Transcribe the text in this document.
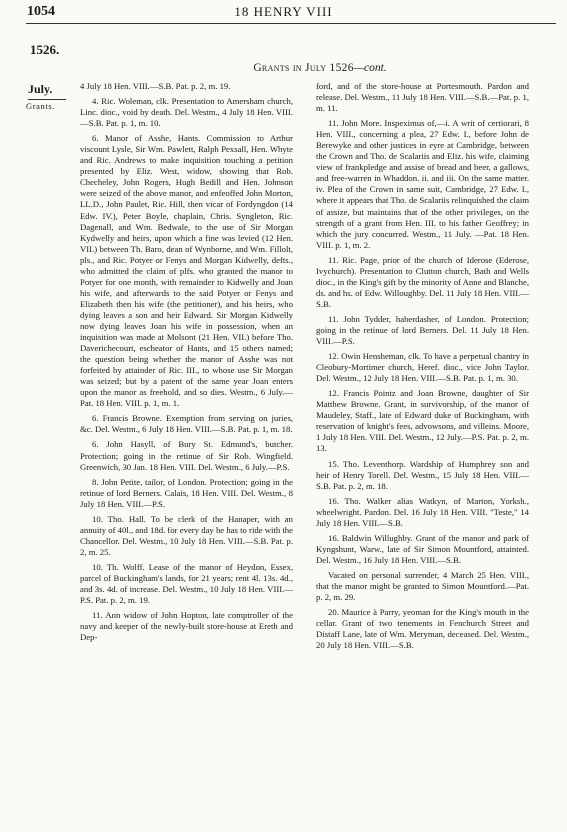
1054	18 HENRY VIII
1526.
Grants in July 1526—cont.
July.
Grants.

4 July 18 Hen. VIII.—S.B. Pat. p. 2, m. 19.

4. Ric. Woleman, clk. Presentation to Amersham church, Linc. dioc., void by death. Del. Westm., 4 July 18 Hen. VIII.—S.B. Pat. p. 1, m. 10.

6. Manor of Asshe, Hants. Commission to Arthur viscount Lysle, Sir Wm. Pawlett, Ralph Pexsall, Hen. Whyte and Ric. Andrews to make inquisition touching a petition presented by Eliz. West, widow, showing that Rob. Checheley, John Rogers, Hugh Bedill and Hen. Johnson were seized of the above manor, and enfeoffed John Morton, LL.D., John Paulet, Ric. Hill, then vicar of Fordyngdon (14 Edw. IV.), Peter Boyle, chaplain, Chris. Syngleton, Ric. Dagenall, and Wm. Bedwale, to the use of Sir Morgan Kydwelly and heirs, upon which a fine was levied (12 Hen. VII.) between Th. Baro, dean of Wynborne, and Wm. Fillolt, pls., and Ric. Potyer or Fenys and Morgan Kidwelly, defts., who admitted the claim of plfs. who granted the manor to Potyer for one month, with remainder to Kidwelly and Joan his wife, and afterwards to the said Potyer or Fenys and Elizabeth then his wife (the petitioner), and his heirs, who dying leaves a son and heir Edward. Sir Morgan Kidwelly now dying leaves Joan his wife in possession, when an inquisition was made at Molsont (21 Hen. VII.) before Tho. Daverichecourt, escheator of Hants, and 15 others named; the question being whether the manor of Asshe was not forfeited by attainder of Ric. III., to whose use Sir Morgan was seized; but by a patent of the same year Joan enters upon the manor as freehold, and so dies. Westm., 6 July.—Pat. 18 Hen. VIII. p. 1, m. 1.

6. Francis Browne. Exemption from serving on juries, &c. Del. Westm., 6 July 18 Hen. VIII.—S.B. Pat. p. 1, m. 18.

6. John Hasyll, of Bury St. Edmund's, butcher. Protection; going in the retinue of Sir Rob. Wingfield. Greenwich, 30 Jan. 18 Hen. VIII. Del. Westm., 6 July.—P.S.

8. John Petite, tailor, of London. Protection; going in the retinue of lord Berners. Calais, 18 Hen. VIII. Del. Westm., 8 July 18 Hen. VIII.—P.S.

10. Tho. Hall. To be clerk of the Hanaper, with an annuity of 40l., and 18d. for every day he has to ride with the Chancellor. Del. Westm., 10 July 18 Hen. VIII.—S.B. Pat. p. 2, m. 25.

10. Th. Wolff. Lease of the manor of Heydon, Essex, parcel of Buckingham's lands, for 21 years; rent 4l. 13s. 4d., and 3s. 4d. of increase. Del. Westm., 10 July 18 Hen. VIII.—P.S. Pat. p. 2, m. 19.

11. Ann widow of John Hopton, late comptroller of the navy and keeper of the newly-built store-house at Ereth and Dep-

ford, and of the store-house at Portesmouth. Pardon and release. Del. Westm., 11 July 18 Hen. VIII.—S.B.—Pat. p. 1, m. 11.

11. John More. Inspeximus of,—i. A writ of certiorari, 8 Hen. VIII., concerning a plea, 27 Edw. I., before John de Berewyke and other justices in eyre at Cambridge, between the Crown and Tho. de Scalariis and Eliz. his wife, claiming view of frankpledge and assise of bread and beer, a gallows, and free-warren in Whaddon. ii. and iii. On the same matter. iv. Plea of the Crown in same suit, Cambridge, 27 Edw. I., where it appears that Tho. de Scalariis relinquished the claim of assize, but maintains that of the other privileges, on the strength of a grant from Hen. III. to his father Geoffrey; in which the jury concurred. Westm., 11 July. —Pat. 18 Hen. VIII. p. 1, m. 2.

11. Ric. Page, prior of the church of Iderose (Ederose, Ivychurch). Presentation to Clutton church, Bath and Wells dioc., in the King's gift by the minority of Anne and Blanche, ds. and hs. of Edw. Willoughby. Del. 11 July 18 Hen. VIII.—S.B.

11. John Tydder, haberdasher, of London. Protection; going in the retinue of lord Berners. Del. 11 July 18 Hen. VIII.—P.S.

12. Owin Hensheman, clk. To have a perpetual chantry in Cleobury-Mortimer church, Heref. dioc., vice John Taylor. Del. Westm., 12 July 18 Hen. VIII.—S.B. Pat. p. 1, m. 30.

12. Francis Pointz and Joan Browne, daughter of Sir Matthew Browne. Grant, in survivorship, of the manor of Maudeley, Staff., late of Edward duke of Buckingham, with reservation of knight's fees, advowsons, and villeins. Moore, 1 July 18 Hen. VIII. Del. Westm., 12 July.—P.S. Pat. p. 2, m. 13.

15. Tho. Leventhorp. Wardship of Humphrey son and heir of Henry Torell. Del. Westm., 15 July 18 Hen. VIII.—S.B. Pat. p. 2, m. 18.

16. Tho. Walker alias Watkyn, of Marton, Yorksh., wheelwright. Pardon. Del. 16 July 18 Hen. VIII. "Teste," 14 July 18 Hen. VIII.—S.B.

16. Baldwin Willughby. Grant of the manor and park of Kyngshunt, Warw., late of Sir Simon Mountford, attainted. Del. Westm., 16 July 18 Hen. VIII.—S.B.

Vacated on personal surrender, 4 March 25 Hen. VIII., that the manor might be granted to Simon Mountford.—Pat. p. 2, m. 29.

20. Maurice à Parry, yeoman for the King's mouth in the cellar. Grant of two tenements in Fenchurch Street and Distaff Lane, late of Wm. Meryman, deceased. Del. Westm., 20 July 18 Hen. VIII.—S.B.
